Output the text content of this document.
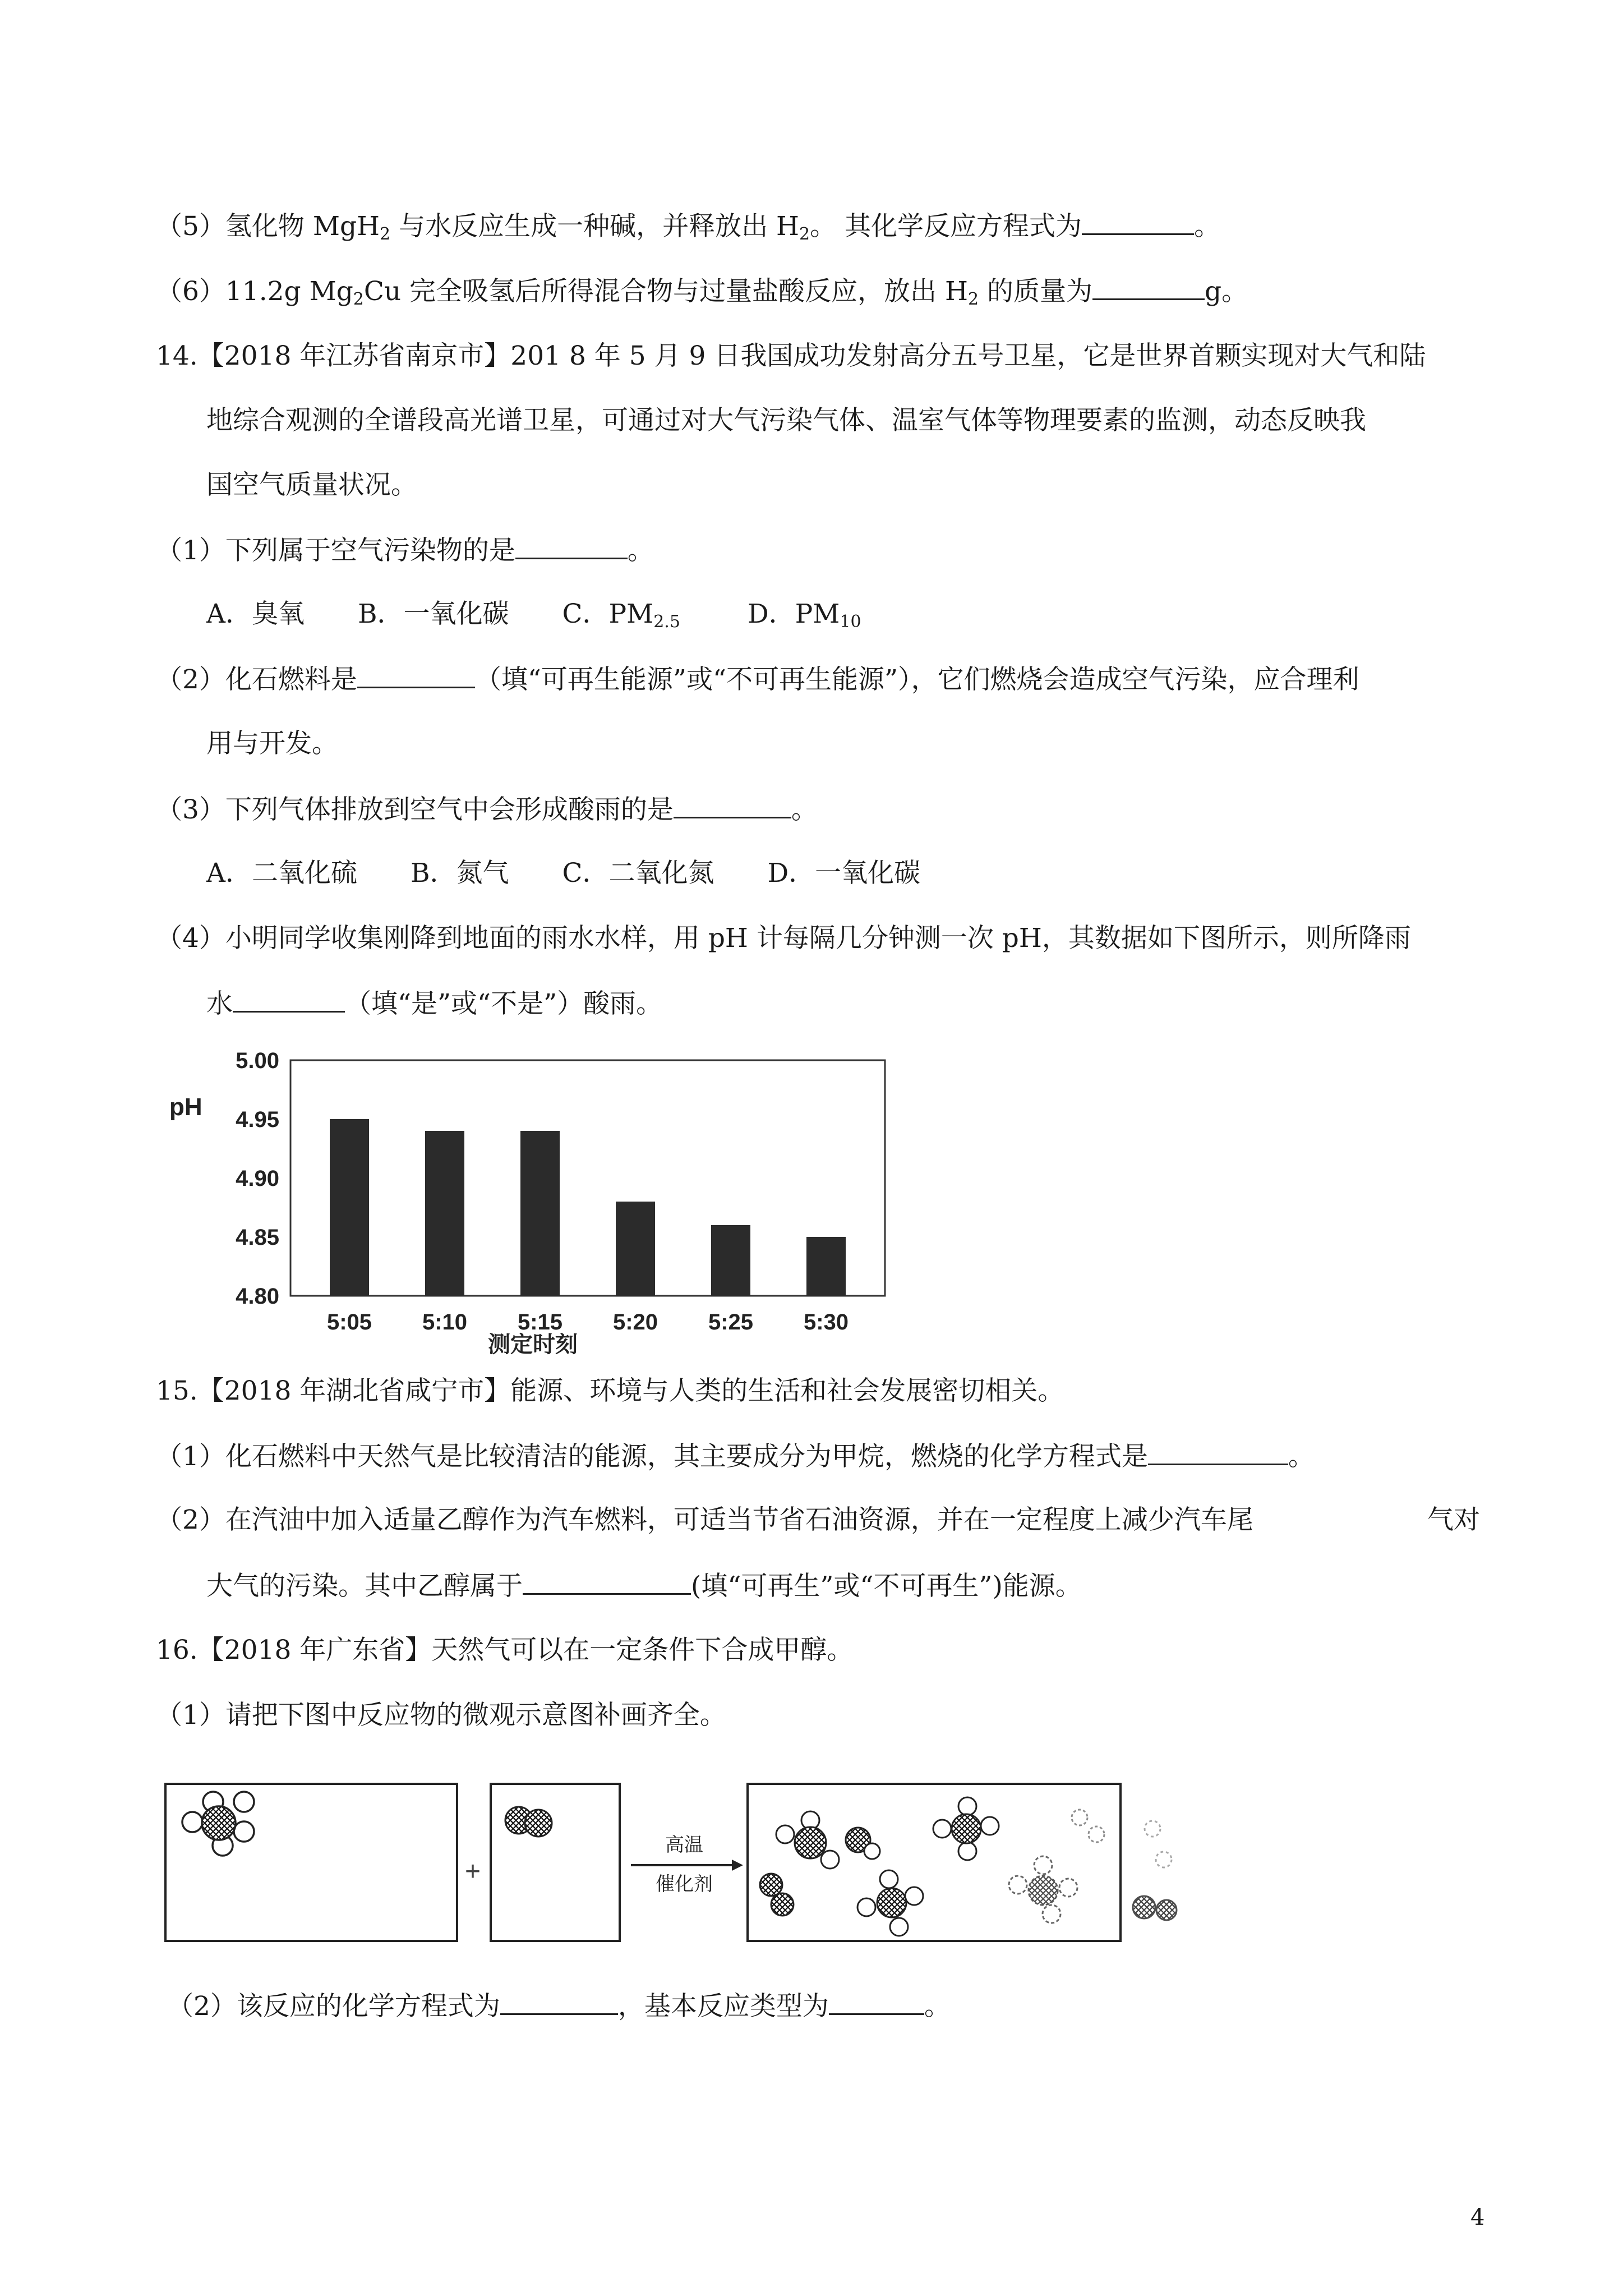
（5）氢化物 MgH$_2$ 与水反应生成一种碱，并释放出 $H_2$。 其化学反应方程式为	。
（6）11.2g $Mg_2Cu$ 完全吸氢后所得混合物与过量盐酸反应，放出 $H_2$ 的质量为	g。
14.【2018 年江苏省南京市】201 8 年 5 月 9 日我国成功发射高分五号卫星，它是世界首颗实现对大气和陆
地综合观测的全谱段高光谱卫星，可通过对大气污染气体、温室气体等物理要素的监测，动态反映我
国空气质量状况。
（1）下列属于空气污染物的是	。
A．臭氧 B．一氧化碳 C．$PM_{2.5}$	D．$PM_{10}$
（2）化石燃料是	（填“可再生能源”或“不可再生能源”），它们燃烧会造成空气污染，应合理利
用与开发。
（3）下列气体排放到空气中会形成酸雨的是	。
A．二氧化硫 B．氮气 C．二氧化氮 D．一氧化碳
（4）小明同学收集刚降到地面的雨水水样，用 pH 计每隔几分钟测一次 pH，其数据如下图所示，则所降雨
水	（填“是”或“不是”）酸雨。
5.00
4.95
4.90
4.85
4.80
5:05 5:10 5:15 5:20 5:25 5:30
pH
测定时刻
15.【2018 年湖北省咸宁市】能源、环境与人类的生活和社会发展密切相关。
（1）化石燃料中天然气是比较清洁的能源，其主要成分为甲烷，燃烧的化学方程式是	。
（2）在汽油中加入适量乙醇作为汽车燃料，可适当节省石油资源，并在一定程度上减少汽车尾	气对
大气的污染。其中乙醇属于	(填“可再生”或“不可再生”)能源。
16.【2018 年广东省】天然气可以在一定条件下合成甲醇。
（1）请把下图中反应物的微观示意图补画齐全。
+
高温
催化剂
（2）该反应的化学方程式为	，基本反应类型为	。
4
